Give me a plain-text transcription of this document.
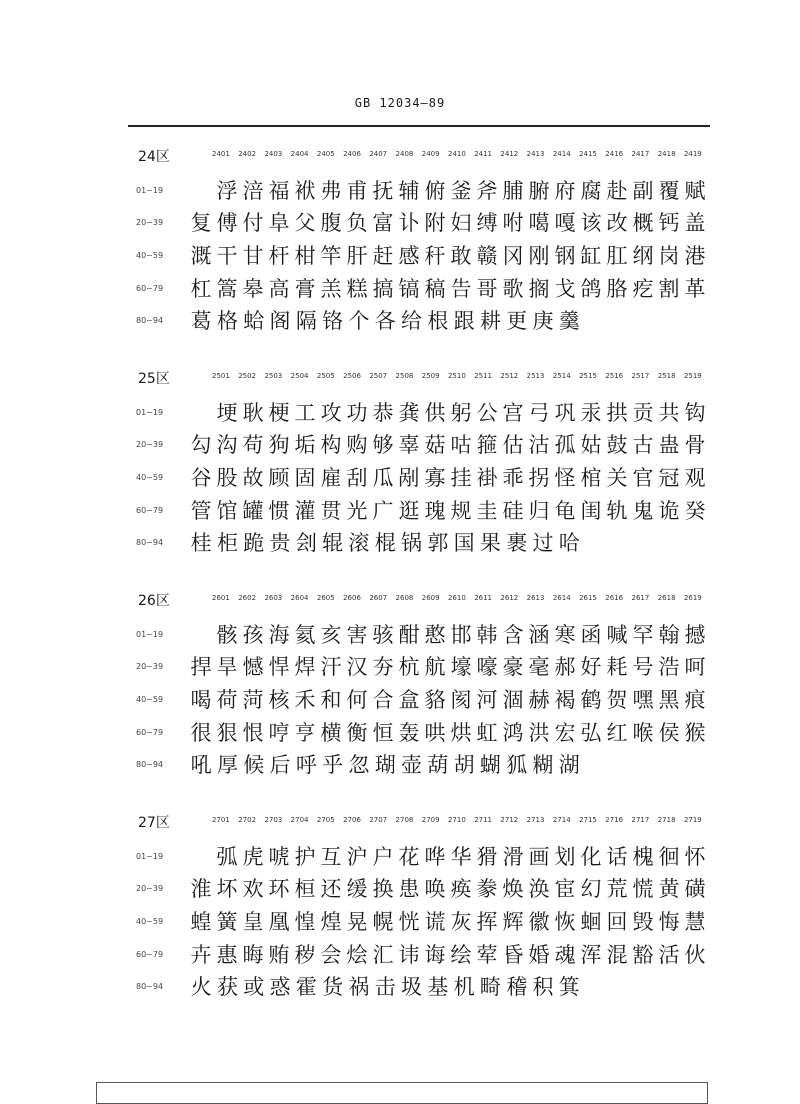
GB 12034—89
24区	2401 2402 2403 2404 2405 2406 2407 2408 2409 2410 2411 2412 2413 2414 2415 2416 2417 2418 2419
01~19	浮 涪 福 袱 弗 甫 抚 辅 俯 釜 斧 脯 腑 府 腐 赴 副 覆 赋
20~39	复 傅 付 阜 父 腹 负 富 讣 附 妇 缚 咐 噶 嘎 该 改 概 钙 盖
40~59	溉 干 甘 杆 柑 竿 肝 赶 感 秆 敢 赣 冈 刚 钢 缸 肛 纲 岗 港
60~79	杠 篙 皋 高 膏 羔 糕 搞 镐 稿 告 哥 歌 搁 戈 鸽 胳 疙 割 革
80~94	葛 格 蛤 阁 隔 铬 个 各 给 根 跟 耕 更 庚 羹
25区	2501 2502 2503 2504 2505 2506 2507 2508 2509 2510 2511 2512 2513 2514 2515 2516 2517 2518 2519
01~19	埂 耿 梗 工 攻 功 恭 龚 供 躬 公 宫 弓 巩 汞 拱 贡 共 钩
20~39	勾 沟 苟 狗 垢 构 购 够 辜 菇 咕 箍 估 沽 孤 姑 鼓 古 蛊 骨
40~59	谷 股 故 顾 固 雇 刮 瓜 剐 寡 挂 褂 乖 拐 怪 棺 关 官 冠 观
60~79	管 馆 罐 惯 灌 贯 光 广 逛 瑰 规 圭 硅 归 龟 闺 轨 鬼 诡 癸
80~94	桂 柜 跪 贵 刽 辊 滚 棍 锅 郭 国 果 裹 过 哈
26区	2601 2602 2603 2604 2605 2606 2607 2608 2609 2610 2611 2612 2613 2614 2615 2616 2617 2618 2619
01~19	骸 孩 海 氦 亥 害 骇 酣 憨 邯 韩 含 涵 寒 函 喊 罕 翰 撼
20~39	捍 旱 憾 悍 焊 汗 汉 夯 杭 航 壕 嚎 豪 毫 郝 好 耗 号 浩 呵
40~59	喝 荷 菏 核 禾 和 何 合 盒 貉 阂 河 涸 赫 褐 鹤 贺 嘿 黑 痕
60~79	很 狠 恨 哼 亨 横 衡 恒 轰 哄 烘 虹 鸿 洪 宏 弘 红 喉 侯 猴
80~94	吼 厚 候 后 呼 乎 忽 瑚 壶 葫 胡 蝴 狐 糊 湖
27区	2701 2702 2703 2704 2705 2706 2707 2708 2709 2710 2711 2712 2713 2714 2715 2716 2717 2718 2719
01~19	弧 虎 唬 护 互 沪 户 花 哗 华 猾 滑 画 划 化 话 槐 徊 怀
20~39	淮 坏 欢 环 桓 还 缓 换 患 唤 痪 豢 焕 涣 宦 幻 荒 慌 黄 磺
40~59	蝗 簧 皇 凰 惶 煌 晃 幌 恍 谎 灰 挥 辉 徽 恢 蛔 回 毁 悔 慧
60~79	卉 惠 晦 贿 秽 会 烩 汇 讳 诲 绘 荤 昏 婚 魂 浑 混 豁 活 伙
80~94	火 获 或 惑 霍 货 祸 击 圾 基 机 畸 稽 积 箕
